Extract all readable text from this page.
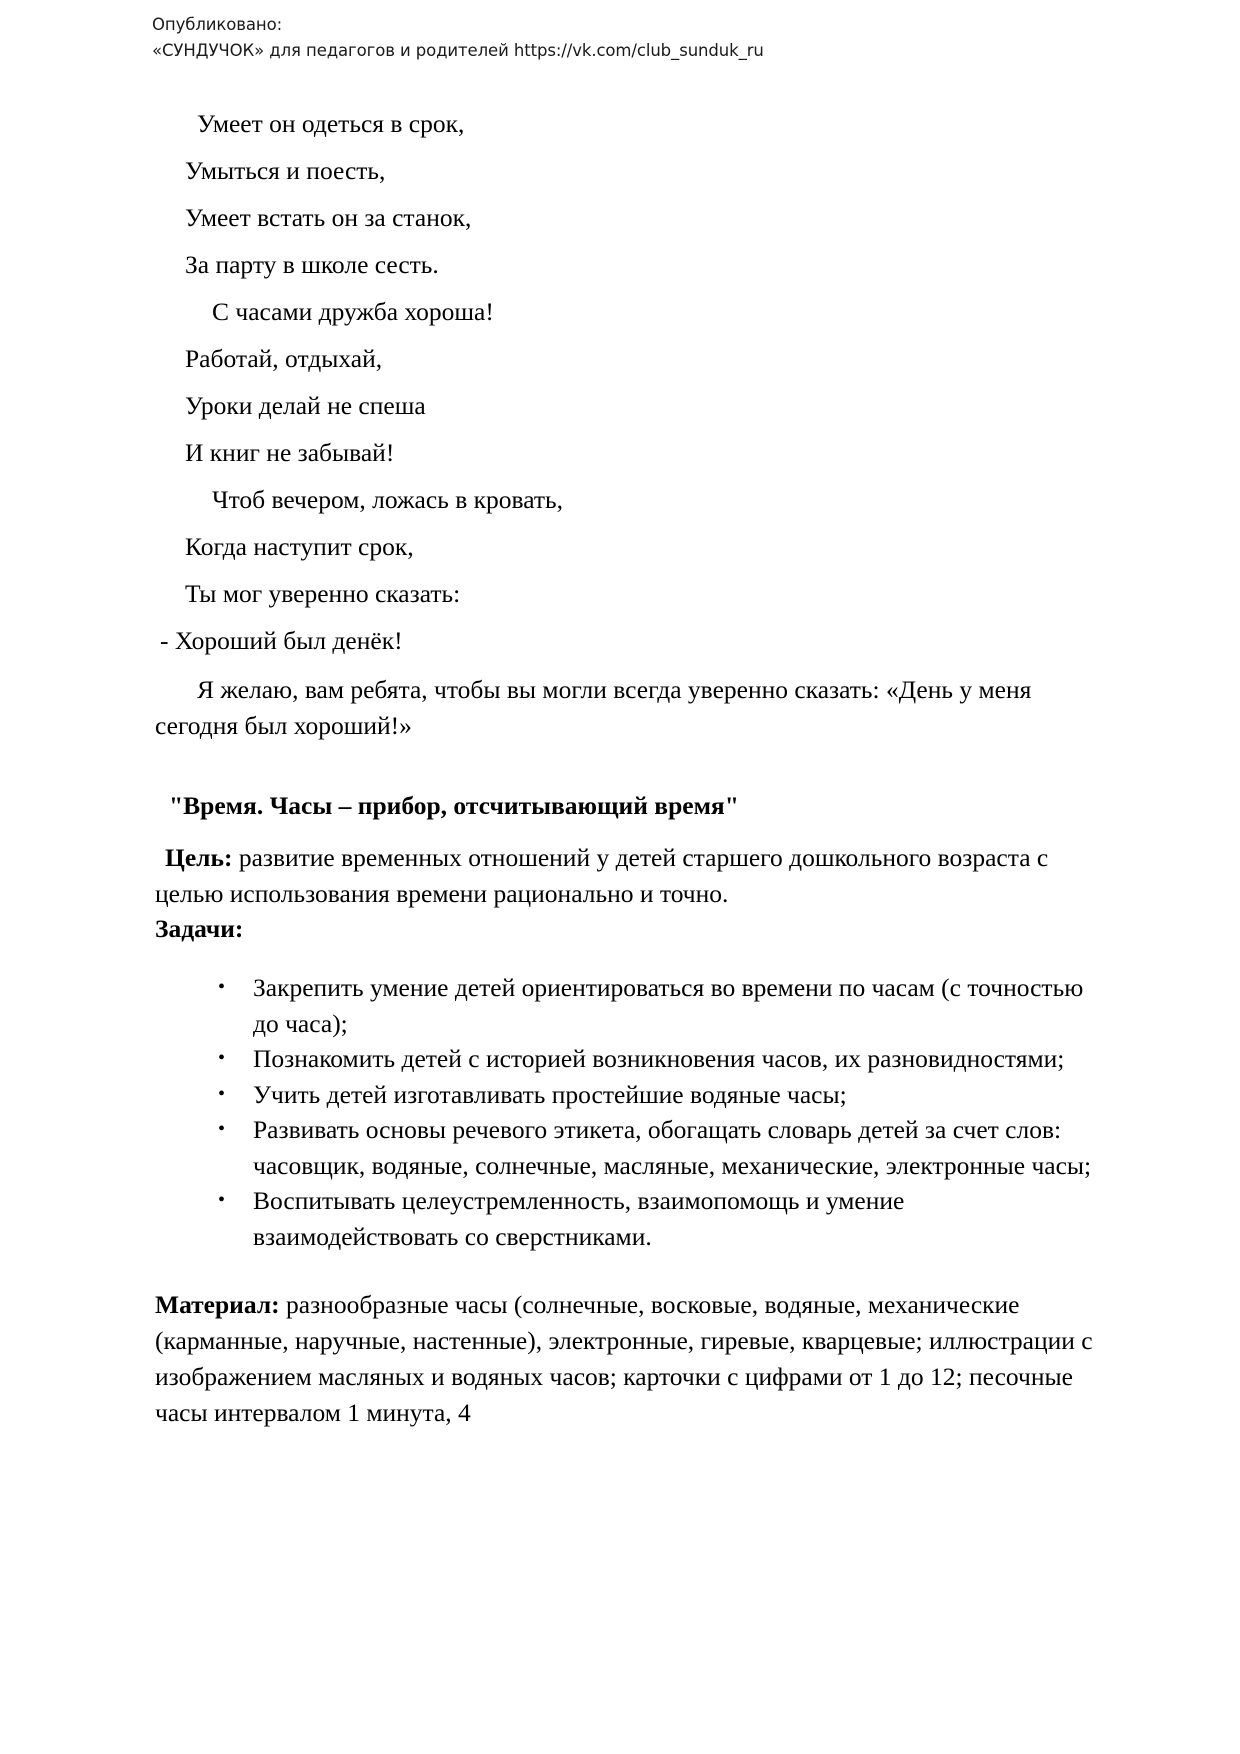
Опубликовано:
«СУНДУЧОК» для педагогов и родителей https://vk.com/club_sunduk_ru
Умеет он одеться в срок,
Умыться и поесть,
Умеет встать он за станок,
За парту в школе сесть.
С часами дружба хороша!
Работай, отдыхай,
Уроки делай не спеша
И книг не забывай!
Чтоб вечером, ложась в кровать,
Когда наступит срок,
Ты мог уверенно сказать:
- Хороший был денёк!
Я желаю, вам ребята, чтобы вы могли всегда уверенно сказать: «День у меня сегодня был хороший!»
"Время. Часы – прибор, отсчитывающий время"
Цель: развитие временных отношений у детей старшего дошкольного возраста с целью использования времени рационально и точно.
Задачи:
• Закрепить умение детей ориентироваться во времени по часам (с точностью до часа);
• Познакомить детей с историей возникновения часов, их разновидностями;
• Учить детей изготавливать простейшие водяные часы;
• Развивать основы речевого этикета, обогащать словарь детей за счет слов: часовщик, водяные, солнечные, масляные, механические, электронные часы;
• Воспитывать целеустремленность, взаимопомощь и умение взаимодействовать со сверстниками.
Материал: разнообразные часы (солнечные, восковые, водяные, механические (карманные, наручные, настенные), электронные, гиревые, кварцевые; иллюстрации с изображением масляных и водяных часов; карточки с цифрами от 1 до 12; песочные часы интервалом 1 минута, 4
